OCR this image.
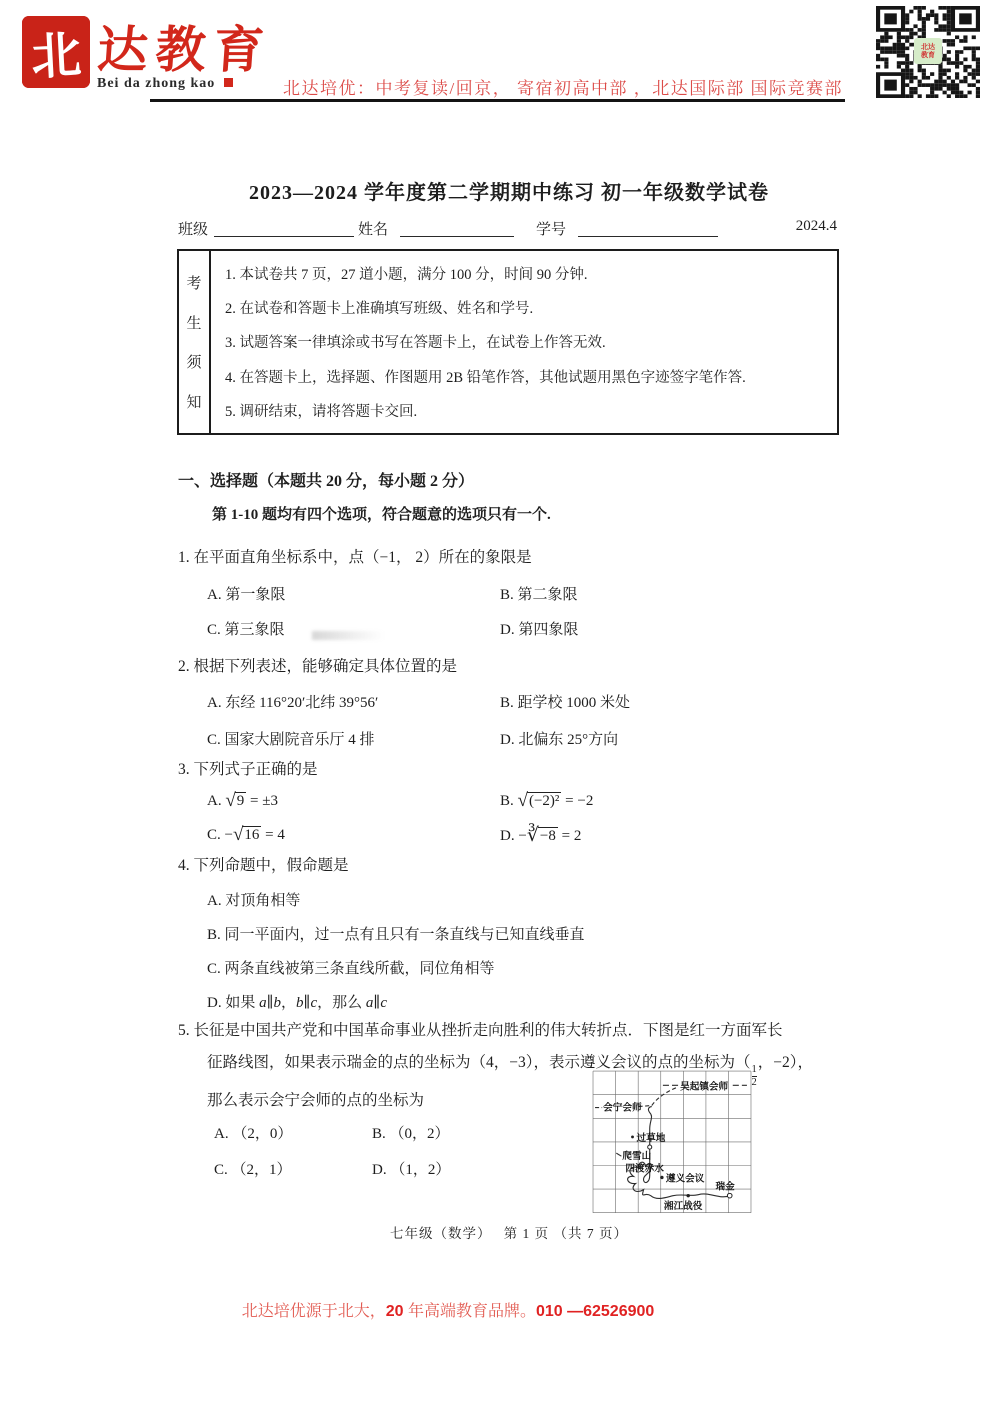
北 达教育
Bei da zhong kao	北达培优：中考复读/回京， 寄宿初高中部 ，北达国际部 国际竞赛部
北达
教育
2023—2024 学年度第二学期期中练习 初一年级数学试卷
班级	姓名	学号	2024.4
考
生
须
知
1. 本试卷共 7 页，27 道小题，满分 100 分，时间 90 分钟.
2. 在试卷和答题卡上准确填写班级、姓名和学号.
3. 试题答案一律填涂或书写在答题卡上，在试卷上作答无效.
4. 在答题卡上，选择题、作图题用 2B 铅笔作答，其他试题用黑色字迹签字笔作答.
5. 调研结束，请将答题卡交回.
一、选择题（本题共 20 分，每小题 2 分）
第 1-10 题均有四个选项，符合题意的选项只有一个.
1. 在平面直角坐标系中，点（−1， 2）所在的象限是
A. 第一象限	B. 第二象限
C. 第三象限	D. 第四象限
2. 根据下列表述，能够确定具体位置的是
A. 东经 116°20′北纬 39°56′	B. 距学校 1000 米处
C. 国家大剧院音乐厅 4 排	D. 北偏东 25°方向
3. 下列式子正确的是
A. √9 = ±3	B. √(−2)² = −2
C. −√16 = 4	D. −∛−8 = 2
4. 下列命题中，假命题是
A. 对顶角相等
B. 同一平面内，过一点有且只有一条直线与已知直线垂直
C. 两条直线被第三条直线所截，同位角相等
D. 如果 a∥b，b∥c，那么 a∥c
5. 长征是中国共产党和中国革命事业从挫折走向胜利的伟大转折点．下图是红一方面军长
征路线图，如果表示瑞金的点的坐标为（4，−3），表示遵义会议的点的坐标为（
$\frac{1}{2}$
，−2），
那么表示会宁会师的点的坐标为
A. （2，0）	B. （0，2）
C. （2，1）	D. （1，2）
吴起镇会师
会宁会师
过草地
爬雪山
四渡赤水
遵义会议
瑞金
湘江战役
七年级（数学）　 第 1 页 （共 7 页）
北达培优源于北大，20 年高端教育品牌。010 —62526900
